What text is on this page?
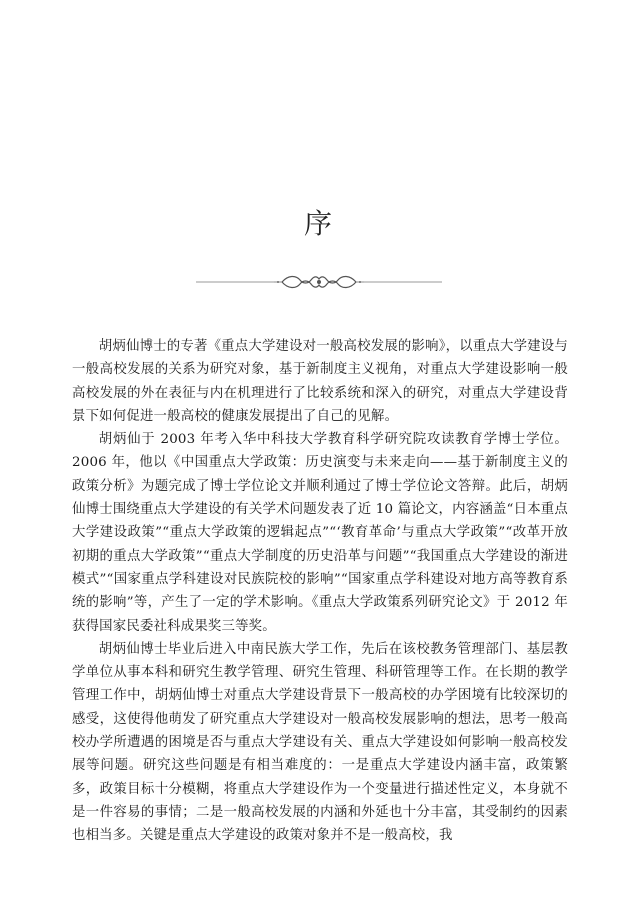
序

胡炳仙博士的专著《重点大学建设对一般高校发展的影响》，以重点大学建设与一般高校发展的关系为研究对象，基于新制度主义视角，对重点大学建设影响一般高校发展的外在表征与内在机理进行了比较系统和深入的研究，对重点大学建设背景下如何促进一般高校的健康发展提出了自己的见解。

胡炳仙于 2003 年考入华中科技大学教育科学研究院攻读教育学博士学位。2006 年，他以《中国重点大学政策：历史演变与未来走向——基于新制度主义的政策分析》为题完成了博士学位论文并顺利通过了博士学位论文答辩。此后，胡炳仙博士围绕重点大学建设的有关学术问题发表了近 10 篇论文，内容涵盖“日本重点大学建设政策”“重点大学政策的逻辑起点”“‘教育革命’与重点大学政策”“改革开放初期的重点大学政策”“重点大学制度的历史沿革与问题”“我国重点大学建设的渐进模式”“国家重点学科建设对民族院校的影响”“国家重点学科建设对地方高等教育系统的影响”等，产生了一定的学术影响。《重点大学政策系列研究论文》于 2012 年获得国家民委社科成果奖三等奖。

胡炳仙博士毕业后进入中南民族大学工作，先后在该校教务管理部门、基层教学单位从事本科和研究生教学管理、研究生管理、科研管理等工作。在长期的教学管理工作中，胡炳仙博士对重点大学建设背景下一般高校的办学困境有比较深切的感受，这使得他萌发了研究重点大学建设对一般高校发展影响的想法，思考一般高校办学所遭遇的困境是否与重点大学建设有关、重点大学建设如何影响一般高校发展等问题。研究这些问题是有相当难度的：一是重点大学建设内涵丰富，政策繁多，政策目标十分模糊，将重点大学建设作为一个变量进行描述性定义，本身就不是一件容易的事情；二是一般高校发展的内涵和外延也十分丰富，其受制约的因素也相当多。关键是重点大学建设的政策对象并不是一般高校，我
